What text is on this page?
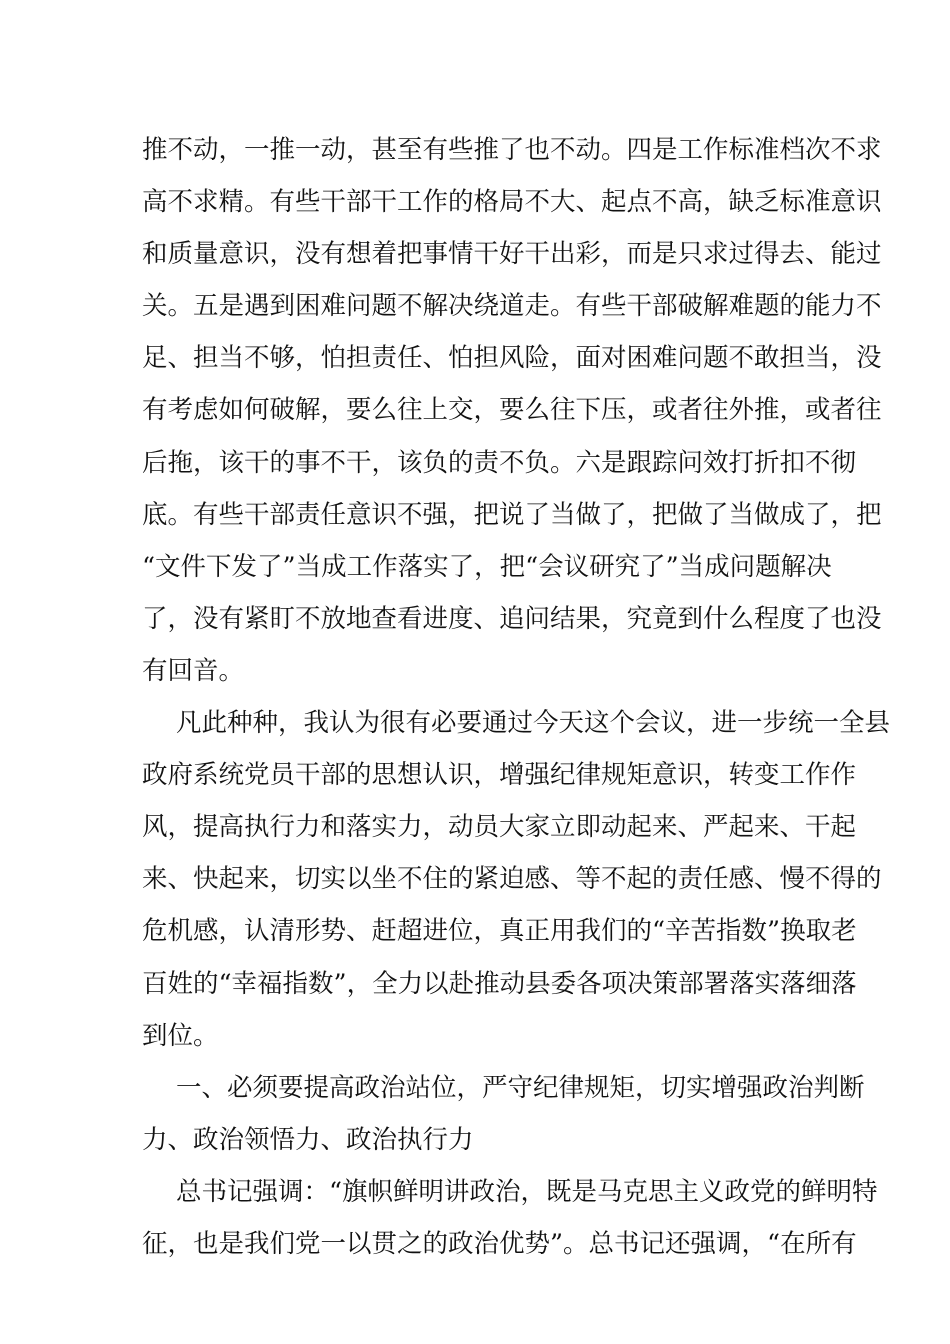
推不动，一推一动，甚至有些推了也不动。四是工作标准档次不求
高不求精。有些干部干工作的格局不大、起点不高，缺乏标准意识
和质量意识，没有想着把事情干好干出彩，而是只求过得去、能过
关。五是遇到困难问题不解决绕道走。有些干部破解难题的能力不
足、担当不够，怕担责任、怕担风险，面对困难问题不敢担当，没
有考虑如何破解，要么往上交，要么往下压，或者往外推，或者往
后拖，该干的事不干，该负的责不负。六是跟踪问效打折扣不彻
底。有些干部责任意识不强，把说了当做了，把做了当做成了，把
“文件下发了”当成工作落实了，把“会议研究了”当成问题解决
了，没有紧盯不放地查看进度、追问结果，究竟到什么程度了也没
有回音。
凡此种种，我认为很有必要通过今天这个会议，进一步统一全县
政府系统党员干部的思想认识，增强纪律规矩意识，转变工作作
风，提高执行力和落实力，动员大家立即动起来、严起来、干起
来、快起来，切实以坐不住的紧迫感、等不起的责任感、慢不得的
危机感，认清形势、赶超进位，真正用我们的“辛苦指数”换取老
百姓的“幸福指数”，全力以赴推动县委各项决策部署落实落细落
到位。
一、必须要提高政治站位，严守纪律规矩，切实增强政治判断
力、政治领悟力、政治执行力
总书记强调：“旗帜鲜明讲政治，既是马克思主义政党的鲜明特
征，也是我们党一以贯之的政治优势”。总书记还强调，“在所有
